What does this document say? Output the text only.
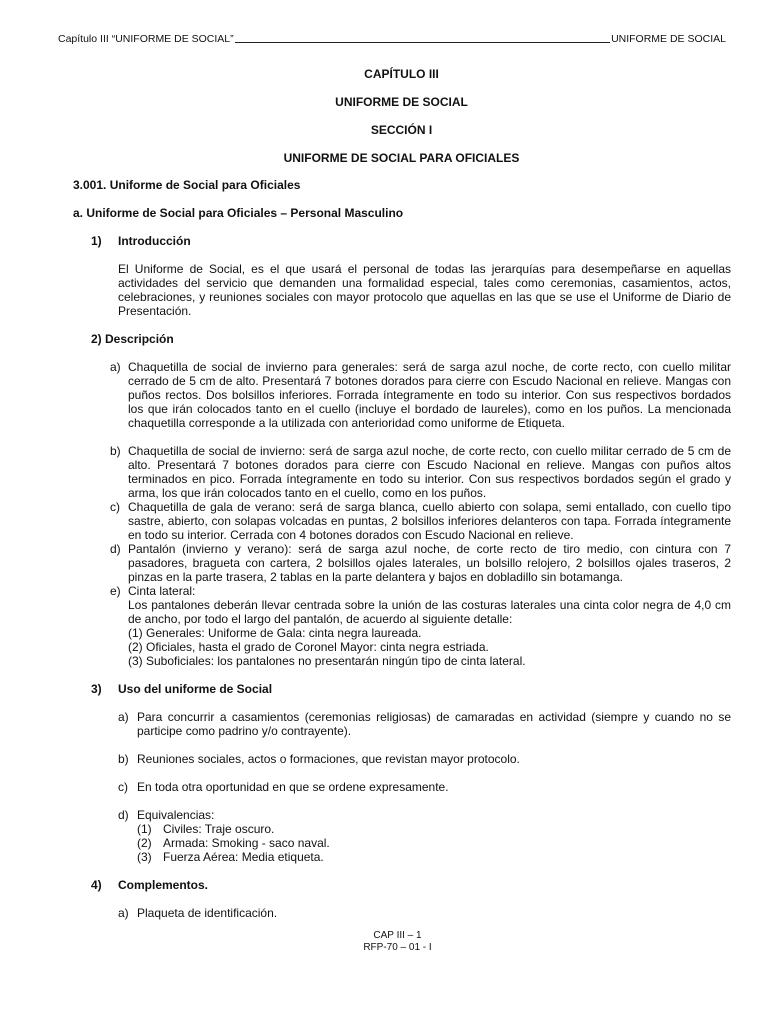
Capítulo III “UNIFORME DE SOCIAL”	UNIFORME DE SOCIAL
CAPÍTULO III
UNIFORME DE SOCIAL
SECCIÓN I
UNIFORME DE SOCIAL PARA OFICIALES
3.001. Uniforme de Social para Oficiales
a. Uniforme de Social para Oficiales – Personal Masculino
1) Introducción
El Uniforme de Social, es el que usará el personal de todas las jerarquías para desempeñarse en aquellas actividades del servicio que demanden una formalidad especial, tales como ceremonias, casamientos, actos, celebraciones, y reuniones sociales con mayor protocolo que aquellas en las que se use el Uniforme de Diario de Presentación.
2) Descripción
a) Chaquetilla de social de invierno para generales: será de sarga azul noche, de corte recto, con cuello militar cerrado de 5 cm de alto. Presentará 7 botones dorados para cierre con Escudo Nacional en relieve. Mangas con puños rectos. Dos bolsillos inferiores. Forrada íntegramente en todo su interior. Con sus respectivos bordados los que irán colocados tanto en el cuello (incluye el bordado de laureles), como en los puños. La mencionada chaquetilla corresponde a la utilizada con anterioridad como uniforme de Etiqueta.
b) Chaquetilla de social de invierno: será de sarga azul noche, de corte recto, con cuello militar cerrado de 5 cm de alto. Presentará 7 botones dorados para cierre con Escudo Nacional en relieve. Mangas con puños altos terminados en pico. Forrada íntegramente en todo su interior. Con sus respectivos bordados según el grado y arma, los que irán colocados tanto en el cuello, como en los puños.
c) Chaquetilla de gala de verano: será de sarga blanca, cuello abierto con solapa, semi entallado, con cuello tipo sastre, abierto, con solapas volcadas en puntas, 2 bolsillos inferiores delanteros con tapa. Forrada íntegramente en todo su interior. Cerrada con 4 botones dorados con Escudo Nacional en relieve.
d) Pantalón (invierno y verano): será de sarga azul noche, de corte recto de tiro medio, con cintura con 7 pasadores, bragueta con cartera, 2 bolsillos ojales laterales, un bolsillo relojero, 2 bolsillos ojales traseros, 2 pinzas en la parte trasera, 2 tablas en la parte delantera y bajos en dobladillo sin botamanga.
e) Cinta lateral:
Los pantalones deberán llevar centrada sobre la unión de las costuras laterales una cinta color negra de 4,0 cm de ancho, por todo el largo del pantalón, de acuerdo al siguiente detalle:
(1) Generales: Uniforme de Gala: cinta negra laureada.
(2) Oficiales, hasta el grado de Coronel Mayor: cinta negra estriada.
(3) Suboficiales: los pantalones no presentarán ningún tipo de cinta lateral.
3) Uso del uniforme de Social
a) Para concurrir a casamientos (ceremonias religiosas) de camaradas en actividad (siempre y cuando no se participe como padrino y/o contrayente).
b) Reuniones sociales, actos o formaciones, que revistan mayor protocolo.
c) En toda otra oportunidad en que se ordene expresamente.
d) Equivalencias:
(1) Civiles: Traje oscuro.
(2) Armada: Smoking - saco naval.
(3) Fuerza Aérea: Media etiqueta.
4) Complementos.
a) Plaqueta de identificación.
CAP III – 1
RFP-70 – 01 - I
